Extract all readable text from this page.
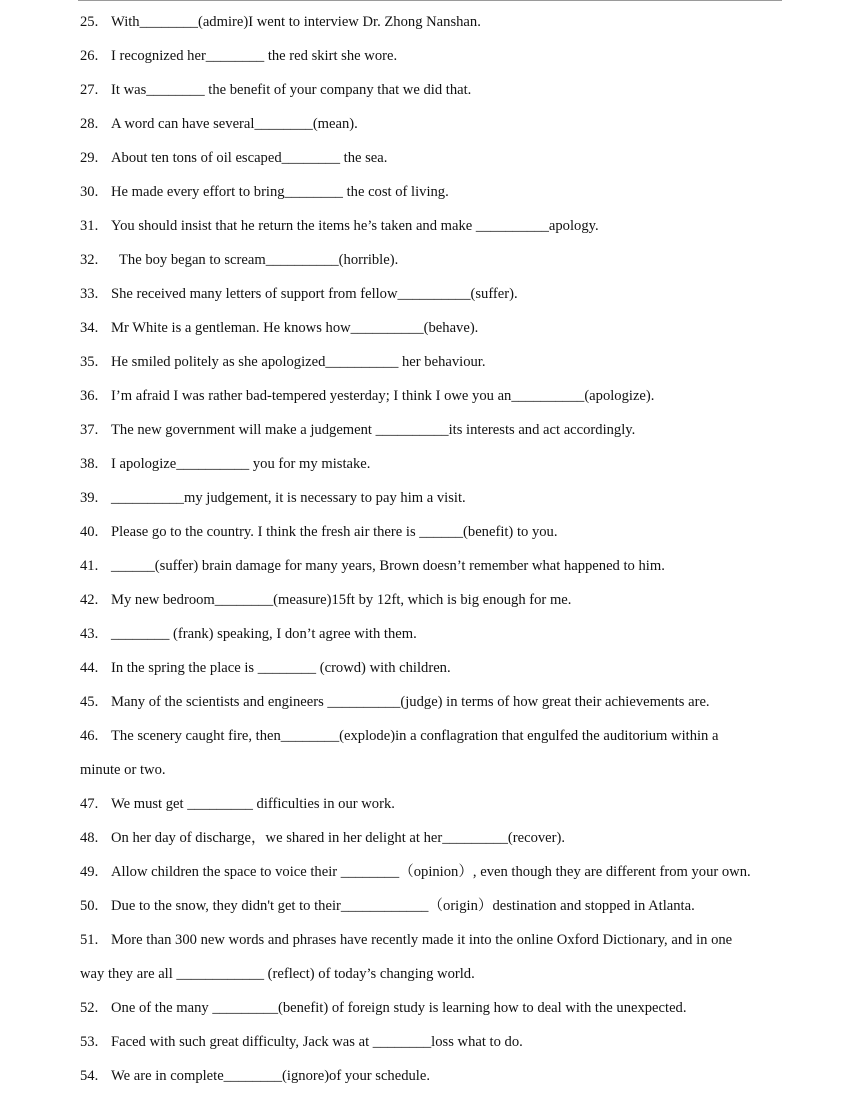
25. With________(admire)I went to interview Dr. Zhong Nanshan.
26. I recognized her________ the red skirt she wore.
27. It was________ the benefit of your company that we did that.
28. A word can have several________(mean).
29. About ten tons of oil escaped________ the sea.
30. He made every effort to bring________ the cost of living.
31. You should insist that he return the items he’s taken and make __________apology.
32. The boy began to scream__________(horrible).
33. She received many letters of support from fellow__________(suffer).
34. Mr White is a gentleman. He knows how__________(behave).
35. He smiled politely as she apologized__________ her behaviour.
36. I’m afraid I was rather bad-tempered yesterday; I think I owe you an__________(apologize).
37. The new government will make a judgement __________its interests and act accordingly.
38. I apologize__________ you for my mistake.
39. __________my judgement, it is necessary to pay him a visit.
40. Please go to the country. I think the fresh air there is ______(benefit) to you.
41. ______(suffer) brain damage for many years, Brown doesn’t remember what happened to him.
42. My new bedroom________(measure)15ft by 12ft, which is big enough for me.
43. ________ (frank) speaking, I don’t agree with them.
44. In the spring the place is ________ (crowd) with children.
45. Many of the scientists and engineers __________(judge) in terms of how great their achievements are.
46. The scenery caught fire, then________(explode)in a conflagration that engulfed the auditorium within a
minute or two.
47. We must get _________ difficulties in our work.
48. On her day of discharge，we shared in her delight at her_________(recover).
49. Allow children the space to voice their ________（opinion）, even though they are different from your own.
50. Due to the snow, they didn't get to their____________（origin）destination and stopped in Atlanta.
51. More than 300 new words and phrases have recently made it into the online Oxford Dictionary, and in one
way they are all ____________ (reflect) of today’s changing world.
52. One of the many _________(benefit) of foreign study is learning how to deal with the unexpected.
53. Faced with such great difficulty, Jack was at ________loss what to do.
54. We are in complete________(ignore)of your schedule.
